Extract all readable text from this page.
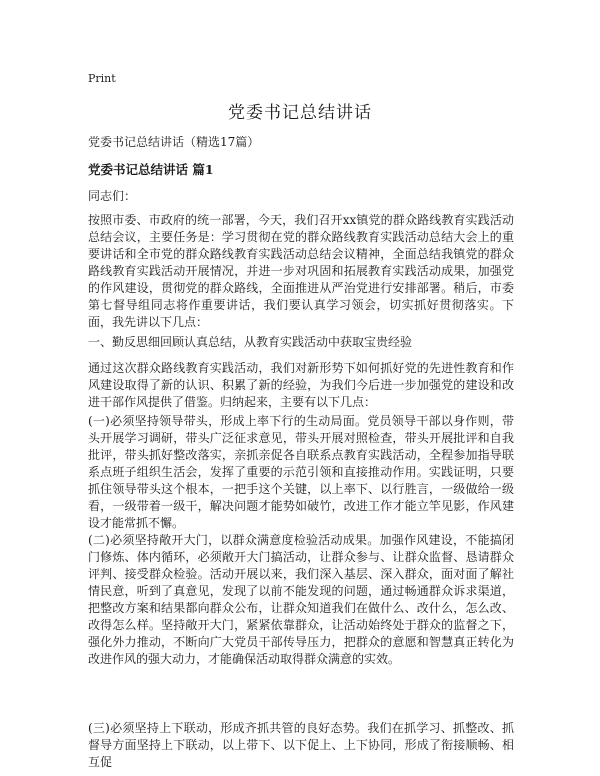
Print
党委书记总结讲话
党委书记总结讲话（精选17篇）
党委书记总结讲话 篇1
同志们：

按照市委、市政府的统一部署，今天，我们召开xx镇党的群众路线教育实践活动总结会议，主要任务是：学习贯彻在党的群众路线教育实践活动总结大会上的重要讲话和全市党的群众路线教育实践活动总结会议精神，全面总结我镇党的群众路线教育实践活动开展情况，并进一步对巩固和拓展教育实践活动成果，加强党的作风建设，贯彻党的群众路线，全面推进从严治党进行安排部署。稍后，市委第七督导组同志将作重要讲话，我们要认真学习领会，切实抓好贯彻落实。下面，我先讲以下几点：

一、勤反思细回顾认真总结，从教育实践活动中获取宝贵经验

通过这次群众路线教育实践活动，我们对新形势下如何抓好党的先进性教育和作风建设取得了新的认识、积累了新的经验，为我们今后进一步加强党的建设和改进干部作风提供了借鉴。归纳起来，主要有以下几点：

(一)必须坚持领导带头，形成上率下行的生动局面。党员领导干部以身作则，带头开展学习调研，带头广泛征求意见，带头开展对照检查，带头开展批评和自我批评，带头抓好整改落实，亲抓亲促各自联系点教育实践活动，全程参加指导联系点班子组织生活会，发挥了重要的示范引领和直接推动作用。实践证明，只要抓住领导带头这个根本，一把手这个关键，以上率下、以行胜言，一级做给一级看，一级带着一级干，解决问题才能势如破竹，改进工作才能立竿见影，作风建设才能常抓不懈。

(二)必须坚持敞开大门，以群众满意度检验活动成果。加强作风建设，不能搞闭门修炼、体内循环，必须敞开大门搞活动，让群众参与、让群众监督、恳请群众评判、接受群众检验。活动开展以来，我们深入基层、深入群众，面对面了解社情民意，听到了真意见，发现了以前不能发现的问题，通过畅通群众诉求渠道，把整改方案和结果都向群众公布，让群众知道我们在做什么、改什么，怎么改、改得怎么样。坚持敞开大门，紧紧依靠群众，让活动始终处于群众的监督之下，强化外力推动，不断向广大党员干部传导压力，把群众的意愿和智慧真正转化为改进作风的强大动力，才能确保活动取得群众满意的实效。

(三)必须坚持上下联动，形成齐抓共管的良好态势。我们在抓学习、抓整改、抓督导方面坚持上下联动，以上带下、以下促上、上下协同，形成了衔接顺畅、相互促
